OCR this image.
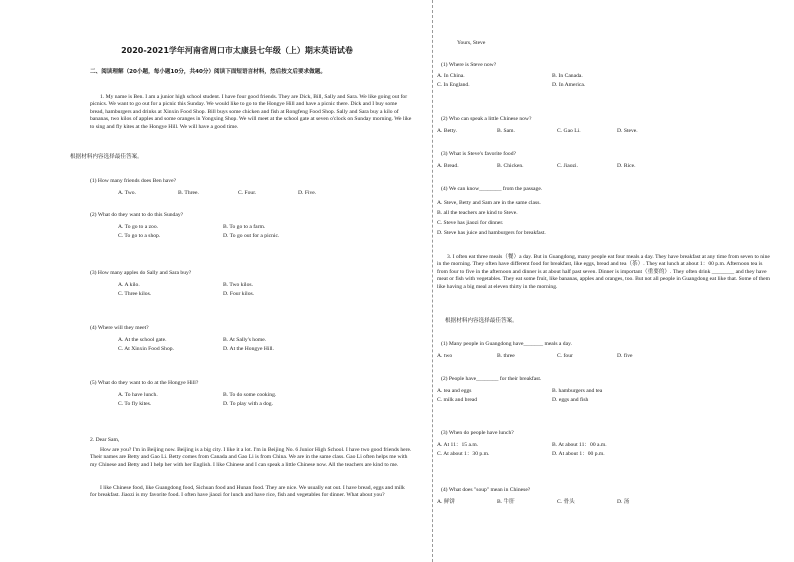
2020-2021学年河南省周口市太康县七年级（上）期末英语试卷
二、阅读理解（20小题，每小题10分，共40分）阅读下面短语言材料，然后按文后要求做题。
1. My name is Ben. I am a junior high school student. I have four good friends. They are Dick, Bill, Sally and Sara. We like going out for picnics. We want to go out for a picnic this Sunday. We would like to go to the Hongye Hill and have a picnic there. Dick and I buy some bread, hamburgers and drinks at Xinxin Food Shop. Bill buys some chicken and fish at Rongfeng Food Shop. Sally and Sara buy a kilo of bananas, two kilos of apples and some oranges in Yongxing Shop. We will meet at the school gate at seven o'clock on Sunday morning. We like to sing and fly kites at the Hongye Hill. We will have a good time.
根据材料内容选择最佳答案。
(1) How many friends does Ben have?
A. Two.	B. Three.	C. Four.	D. Five.
(2) What do they want to do this Sunday?
A. To go to a zoo.	B. To go to a farm.
C. To go to a shop.	D. To go out for a picnic.
(3) How many apples do Sally and Sara buy?
A. A kilo.	B. Two kilos.
C. Three kilos.	D. Four kilos.
(4) Where will they meet?
A. At the school gate.	B. At Sally's home.
C. At Xinxin Food Shop.	D. At the Hongye Hill.
(5) What do they want to do at the Hongye Hill?
A. To have lunch.	B. To do some cooking.
C. To fly kites.	D. To play with a dog.
2. Dear Sam,
How are you? I'm in Beijing now. Beijing is a big city. I like it a lot. I'm in Beijing No. 6 Junior High School. I have two good friends here. Their names are Betty and Gao Li. Betty comes from Canada and Gao Li is from China. We are in the same class. Gao Li often helps me with my Chinese and Betty and I help her with her English. I like Chinese and I can speak a little Chinese now. All the teachers are kind to me.
I like Chinese food, like Guangdong food, Sichuan food and Hunan food. They are nice. We usually eat out. I have bread, eggs and milk for breakfast. Jiaozi is my favorite food. I often have jiaozi for lunch and have rice, fish and vegetables for dinner. What about you?
Yours, Steve
(1) Where is Steve now?
A. In China.	B. In Canada.
C. In England.	D. In America.
(2) Who can speak a little Chinese now?
A. Betty.	B. Sam.	C. Gao Li.	D. Steve.
(3) What is Steve's favorite food?
A. Bread.	B. Chicken.	C. Jiaozi.	D. Rice.
(4) We can know________ from the passage.
A. Steve, Betty and Sam are in the same class.
B. all the teachers are kind to Steve.
C. Steve has jiaozi for dinner.
D. Steve has juice and hamburgers for breakfast.
3. I often eat three meals（餐）a day. But in Guangdong, many people eat four meals a day. They have breakfast at any time from seven to nine in the morning. They often have different food for breakfast, like eggs, bread and tea（茶）. They eat lunch at about 1：00 p.m. Afternoon tea is from four to five in the afternoon and dinner is at about half past seven. Dinner is important（重要的）. They often drink ________ and they have meat or fish with vegetables. They eat some fruit, like bananas, apples and oranges, too. But not all people in Guangdong eat like that. Some of them like having a big meal at eleven thirty in the morning.
根据材料内容选择最佳答案。
(1) Many people in Guangdong have_______ meals a day.
A. two	B. three	C. four	D. five
(2) People have________ for their breakfast.
A. tea and eggs	B. hamburgers and tea
C. milk and bread	D. eggs and fish
(3) When do people have lunch?
A. At 11：15 a.m.	B. At about 11：00 a.m.
C. At about 1：30 p.m.	D. At about 1：00 p.m.
(4) What does "soup" mean in Chinese?
A. 鲜饼	B. 牛肝	C. 骨头	D. 汤
